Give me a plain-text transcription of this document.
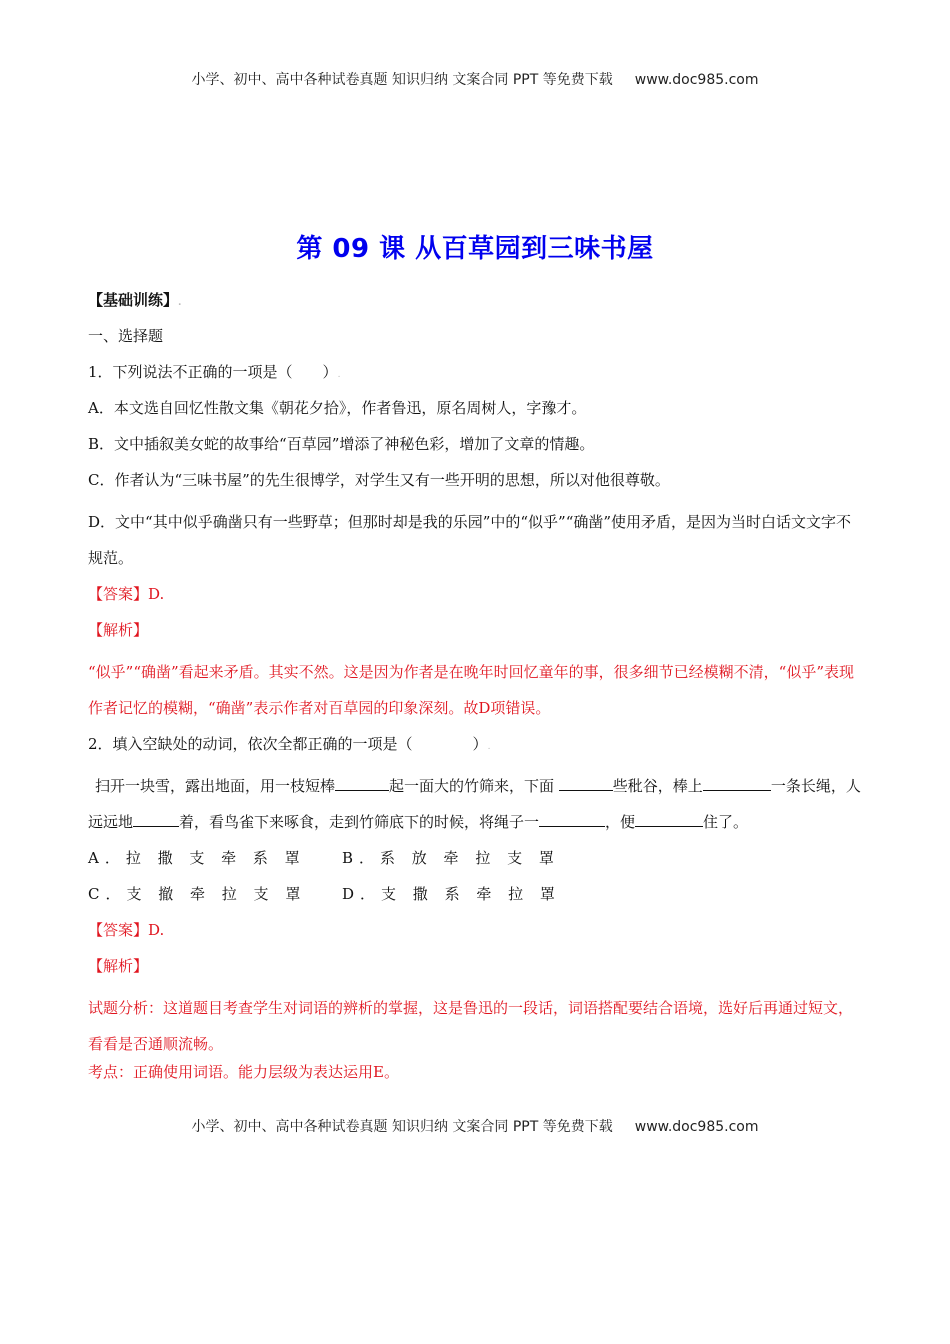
小学、初中、高中各种试卷真题 知识归纳 文案合同 PPT 等免费下载 www.doc985.com
第 09 课 从百草园到三味书屋
【基础训练】.
一、选择题
1．下列说法不正确的一项是（　　）.
A．本文选自回忆性散文集《朝花夕拾》，作者鲁迅，原名周树人，字豫才。
B．文中插叙美女蛇的故事给“百草园”增添了神秘色彩，增加了文章的情趣。
C．作者认为“三味书屋”的先生很博学，对学生又有一些开明的思想，所以对他很尊敬。
D．文中“其中似乎确凿只有一些野草；但那时却是我的乐园”中的“似乎”“确凿”使用矛盾，是因为当时白话文文字不规范。
【答案】D.
【解析】
“似乎”“确凿”看起来矛盾。其实不然。这是因为作者是在晚年时回忆童年的事，很多细节已经模糊不清，“似乎”表现作者记忆的模糊，“确凿”表示作者对百草园的印象深刻。故D项错误。
2．填入空缺处的动词，依次全都正确的一项是（　　　　）.
扫开一块雪，露出地面，用一枝短棒	起一面大的竹筛来，下面	些秕谷，棒上	一条长绳，人远远地	着，看鸟雀下来啄食，走到竹筛底下的时候，将绳子一	，便	住了。
A．拉 撒 支 牵 系 罩	B．系 放 牵 拉 支 罩
C．支 撤 牵 拉 支 罩	D．支 撒 系 牵 拉 罩
【答案】D.
【解析】
试题分析：这道题目考查学生对词语的辨析的掌握，这是鲁迅的一段话，词语搭配要结合语境，选好后再通过短文，看看是否通顺流畅。
考点：正确使用词语。能力层级为表达运用E。
小学、初中、高中各种试卷真题 知识归纳 文案合同 PPT 等免费下载 www.doc985.com
